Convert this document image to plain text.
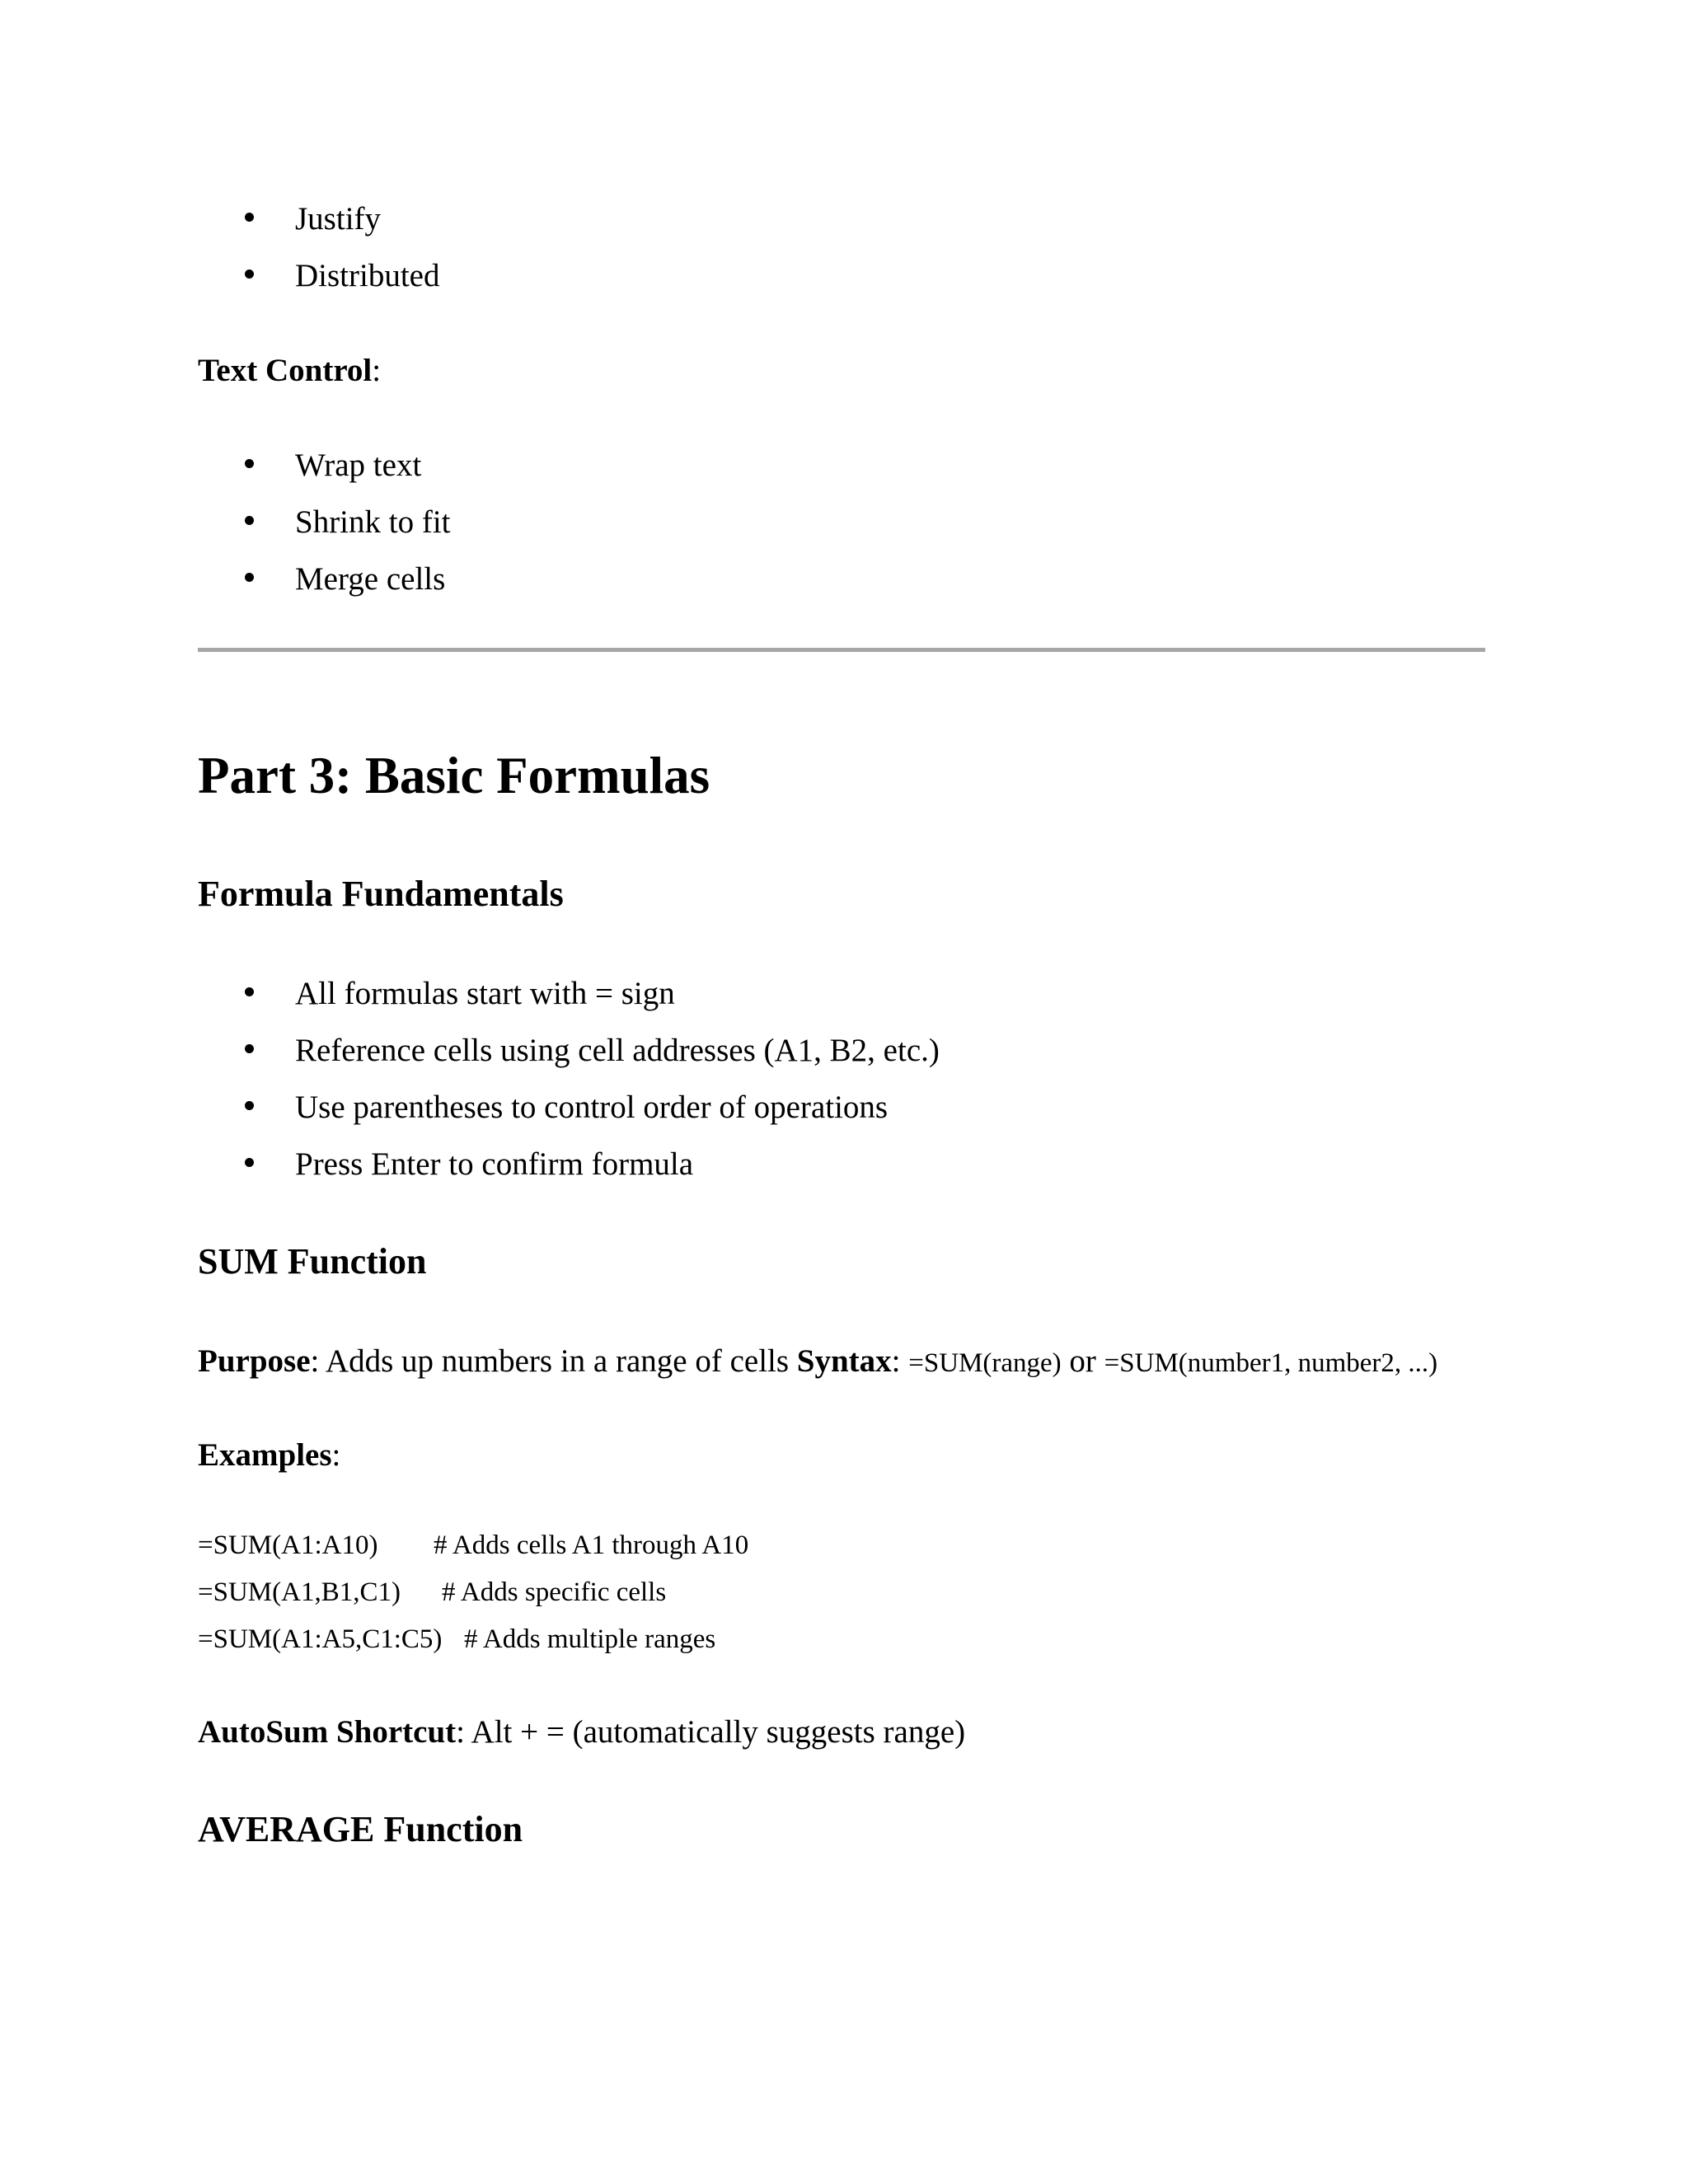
Justify
Distributed
Text Control:
Wrap text
Shrink to fit
Merge cells
Part 3: Basic Formulas
Formula Fundamentals
All formulas start with = sign
Reference cells using cell addresses (A1, B2, etc.)
Use parentheses to control order of operations
Press Enter to confirm formula
SUM Function
Purpose: Adds up numbers in a range of cells Syntax: =SUM(range) or =SUM(number1, number2, ...)
Examples:
=SUM(A1:A10) # Adds cells A1 through A10
=SUM(A1,B1,C1) # Adds specific cells
=SUM(A1:A5,C1:C5) # Adds multiple ranges
AutoSum Shortcut: Alt + = (automatically suggests range)
AVERAGE Function
